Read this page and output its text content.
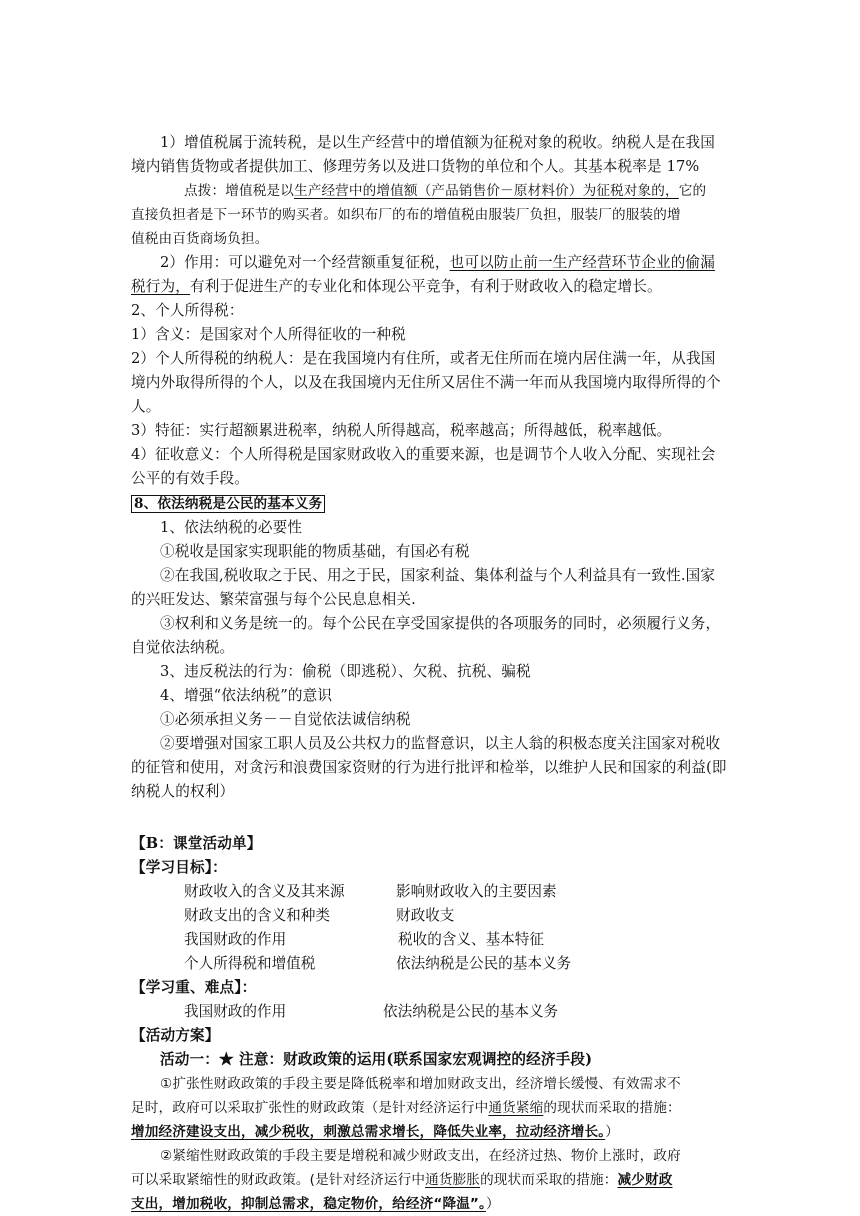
1）增值税属于流转税，是以生产经营中的增值额为征税对象的税收。纳税人是在我国
境内销售货物或者提供加工、修理劳务以及进口货物的单位和个人。其基本税率是 17%
点拨：增值税是以生产经营中的增值额（产品销售价－原材料价）为征税对象的，它的
直接负担者是下一环节的购买者。如织布厂的布的增值税由服装厂负担，服装厂的服装的增
值税由百货商场负担。
2）作用：可以避免对一个经营额重复征税，也可以防止前一生产经营环节企业的偷漏
税行为，有利于促进生产的专业化和体现公平竞争，有利于财政收入的稳定增长。
2、个人所得税：
1）含义：是国家对个人所得征收的一种税
2）个人所得税的纳税人：是在我国境内有住所，或者无住所而在境内居住满一年，从我国
境内外取得所得的个人，以及在我国境内无住所又居住不满一年而从我国境内取得所得的个
人。
3）特征：实行超额累进税率，纳税人所得越高，税率越高；所得越低，税率越低。
4）征收意义：个人所得税是国家财政收入的重要来源，也是调节个人收入分配、实现社会
公平的有效手段。
8、依法纳税是公民的基本义务
1、依法纳税的必要性
①税收是国家实现职能的物质基础，有国必有税
②在我国,税收取之于民、用之于民，国家利益、集体利益与个人利益具有一致性.国家
的兴旺发达、繁荣富强与每个公民息息相关.
③权利和义务是统一的。每个公民在享受国家提供的各项服务的同时，必须履行义务，
自觉依法纳税。
3、违反税法的行为：偷税（即逃税）、欠税、抗税、骗税
4、增强“依法纳税”的意识
①必须承担义务－－自觉依法诚信纳税
②要增强对国家工职人员及公共权力的监督意识，以主人翁的积极态度关注国家对税收
的征管和使用，对贪污和浪费国家资财的行为进行批评和检举，以维护人民和国家的利益(即
纳税人的权利）
【B：课堂活动单】
【学习目标】：
财政收入的含义及其来源	影响财政收入的主要因素
财政支出的含义和种类	财政收支
我国财政的作用	税收的含义、基本特征
个人所得税和增值税	依法纳税是公民的基本义务
【学习重、难点】：
我国财政的作用	依法纳税是公民的基本义务
【活动方案】
活动一：★ 注意：财政政策的运用(联系国家宏观调控的经济手段)
①扩张性财政政策的手段主要是降低税率和增加财政支出，经济增长缓慢、有效需求不
足时，政府可以采取扩张性的财政政策（是针对经济运行中通货紧缩的现状而采取的措施：
增加经济建设支出，减少税收，刺激总需求增长，降低失业率，拉动经济增长。）
②紧缩性财政政策的手段主要是增税和减少财政支出，在经济过热、物价上涨时，政府
可以采取紧缩性的财政政策。(是针对经济运行中通货膨胀的现状而采取的措施：减少财政
支出，增加税收，抑制总需求，稳定物价，给经济“降温”。）
